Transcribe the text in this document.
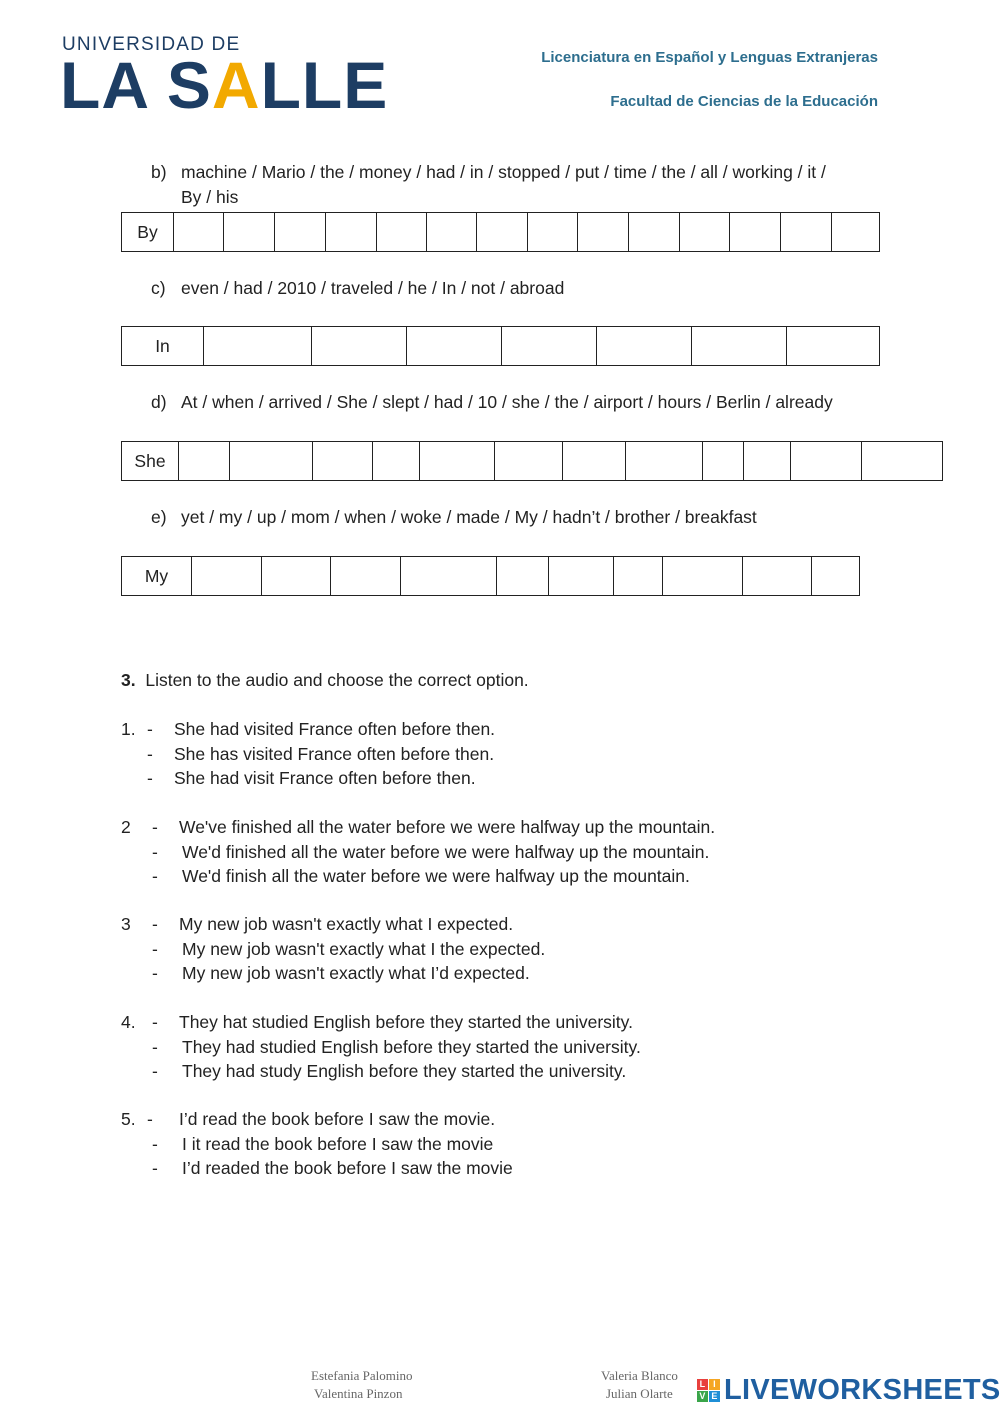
UNIVERSIDAD DE
LA SALLE	Licenciatura en Español y Lenguas Extranjeras
Facultad de Ciencias de la Educación
b) machine / Mario / the / money / had / in / stopped / put / time / the / all / working / it /
By / his
By
c) even / had / 2010 / traveled / he / In / not / abroad
In
d) At / when / arrived / She / slept / had / 10 / she / the / airport / hours / Berlin / already
She
e) yet / my / up / mom / when / woke / made / My / hadn’t / brother / breakfast
My
3. Listen to the audio and choose the correct option.
1. - She had visited France often before then.
- She has visited France often before then.
- She had visit France often before then.
2 - We've finished all the water before we were halfway up the mountain.
- We'd finished all the water before we were halfway up the mountain.
- We'd finish all the water before we were halfway up the mountain.
3 - My new job wasn't exactly what I expected.
- My new job wasn't exactly what I the expected.
- My new job wasn't exactly what I’d expected.
4. - They hat studied English before they started the university.
- They had studied English before they started the university.
- They had study English before they started the university.
5. - I’d read the book before I saw the movie.
- I it read the book before I saw the movie
- I’d readed the book before I saw the movie
Estefania Palomino
Valentina Pinzon
Valeria Blanco
Julian Olarte
L I
V E LIVEWORKSHEETS
